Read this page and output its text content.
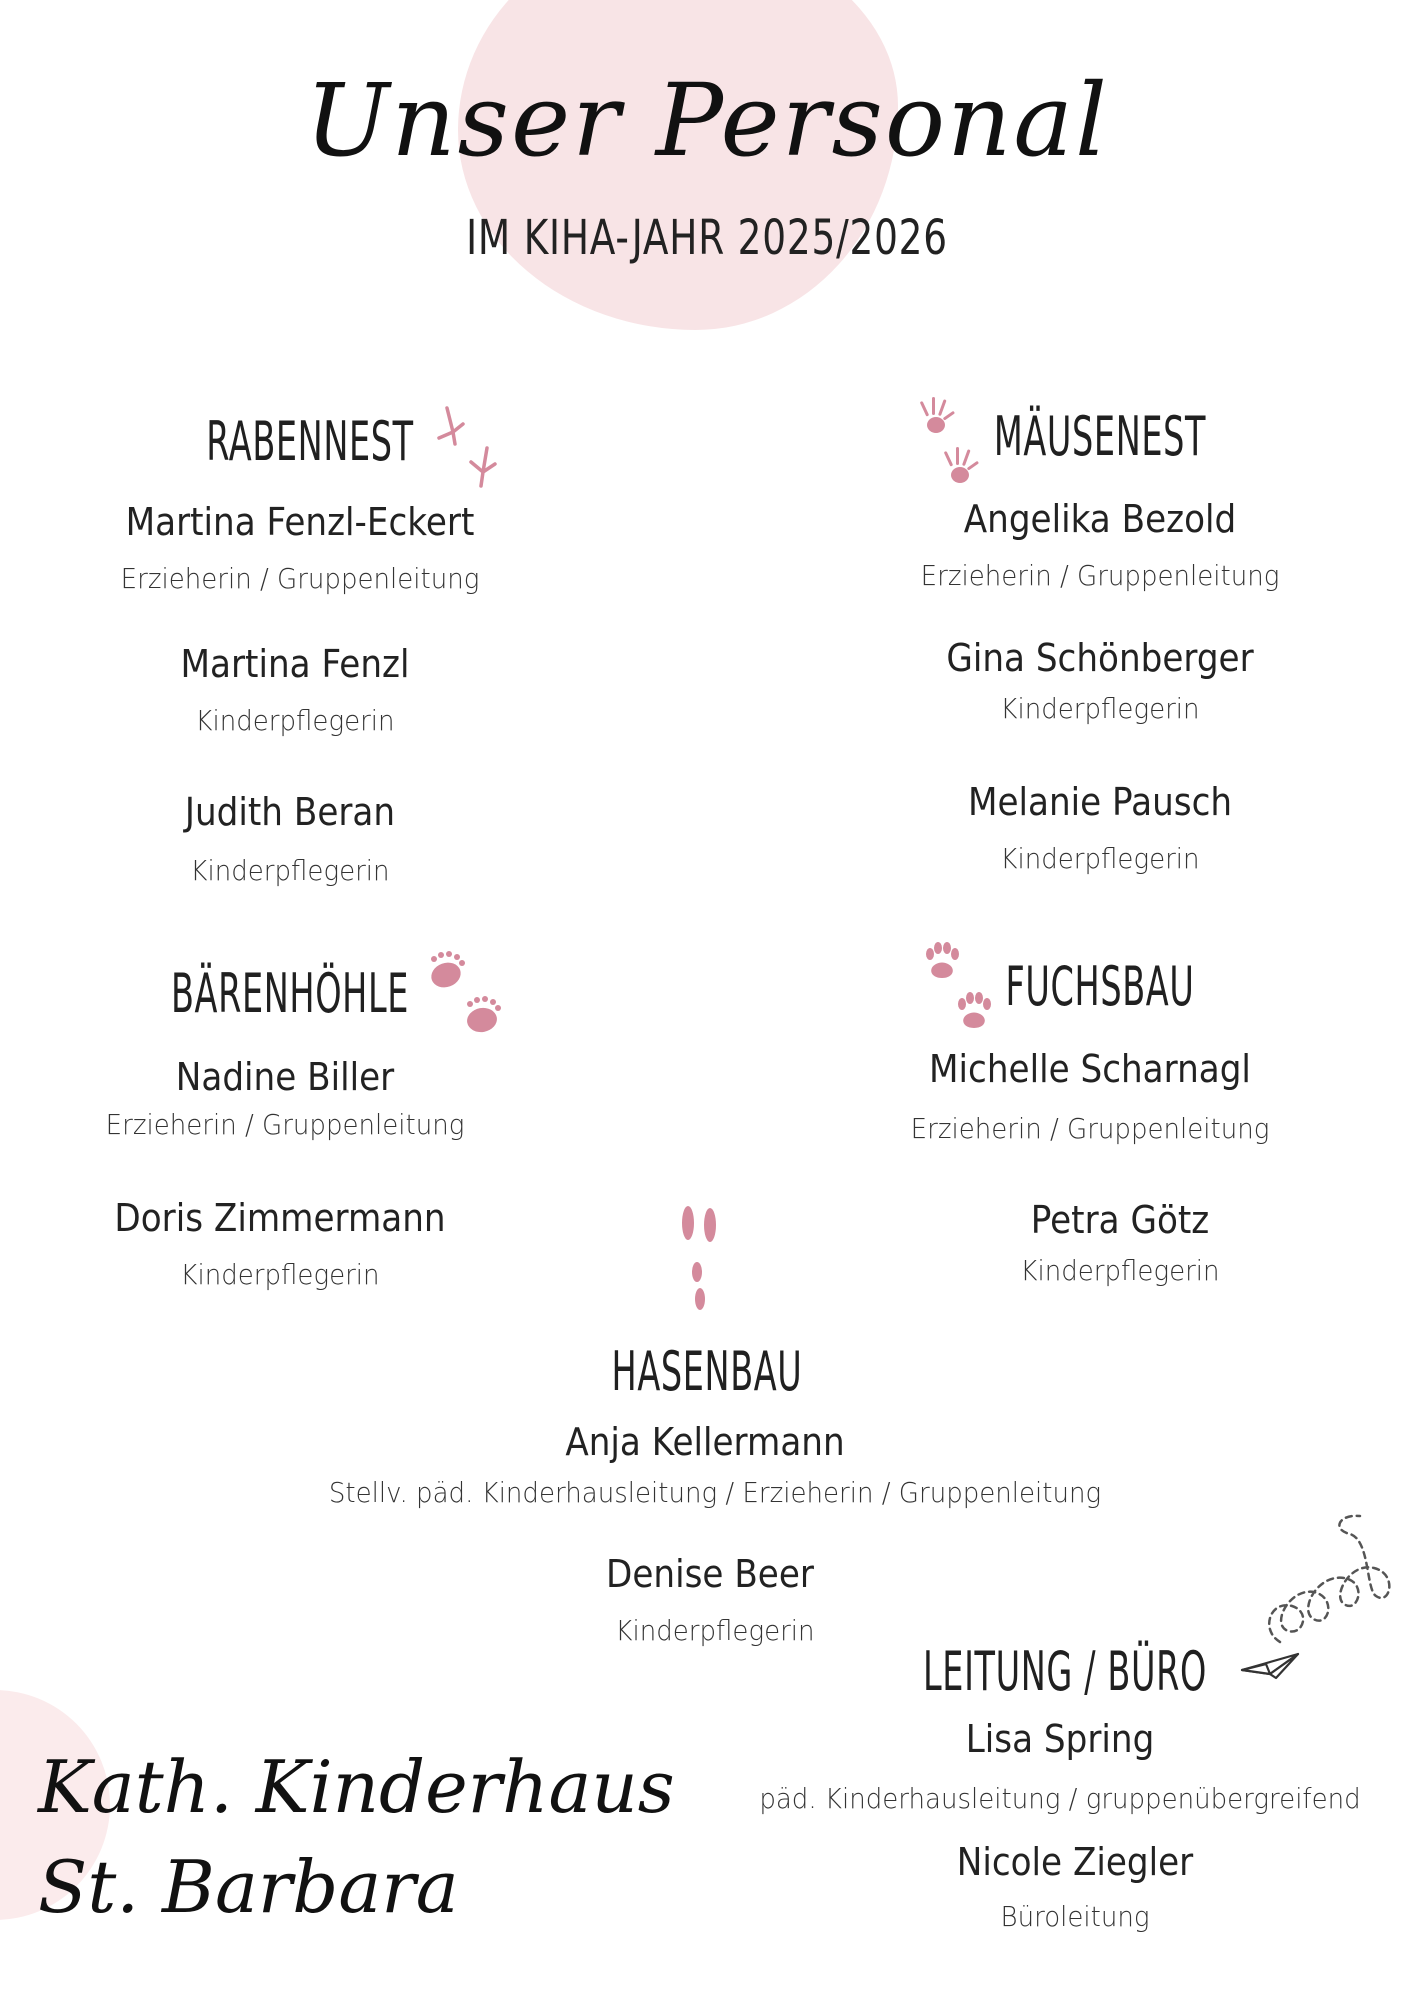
Unser Personal
IM KIHA-JAHR 2025/2026
RABENNEST
Martina Fenzl-Eckert
Erzieherin / Gruppenleitung
Martina Fenzl
Kinderpflegerin
Judith Beran
Kinderpflegerin
MÄUSENEST
Angelika Bezold
Erzieherin / Gruppenleitung
Gina Schönberger
Kinderpflegerin
Melanie Pausch
Kinderpflegerin
BÄRENHÖHLE
Nadine Biller
Erzieherin / Gruppenleitung
Doris Zimmermann
Kinderpflegerin
FUCHSBAU
Michelle Scharnagl
Erzieherin / Gruppenleitung
Petra Götz
Kinderpflegerin
HASENBAU
Anja Kellermann
Stellv. päd. Kinderhausleitung / Erzieherin / Gruppenleitung
Denise Beer
Kinderpflegerin
LEITUNG / BÜRO
Lisa Spring
päd. Kinderhausleitung / gruppenübergreifend
Nicole Ziegler
Büroleitung
Kath. Kinderhaus
St. Barbara
